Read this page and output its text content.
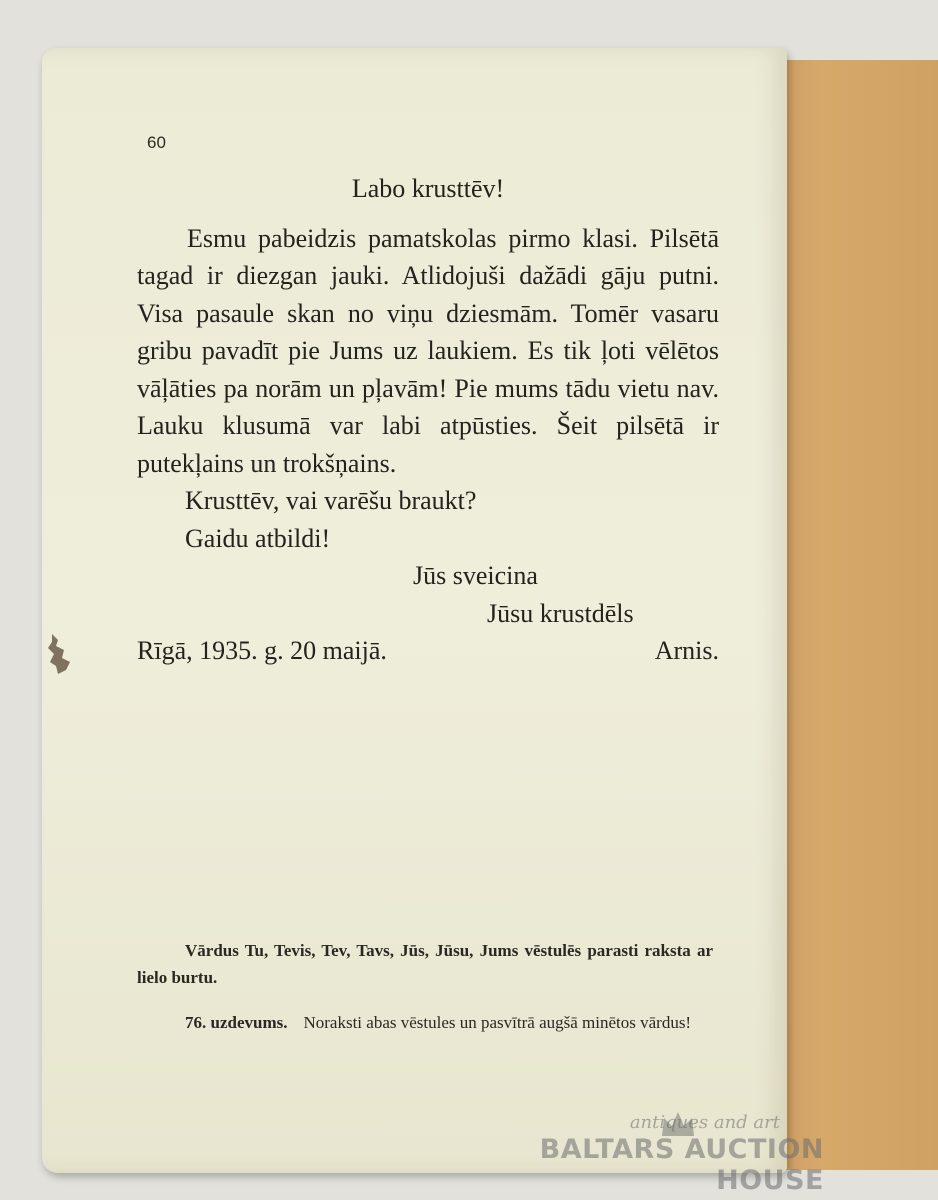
60
Labo krusttēv!

Esmu pabeidzis pamatskolas pirmo klasi. Pilsētā tagad ir diezgan jauki. Atlidojuši dažādi gāju putni. Visa pasaule skan no viņu dziesmām. Tomēr vasaru gribu pavadīt pie Jums uz laukiem. Es tik ļoti vēlētos vāļāties pa norām un pļavām! Pie mums tādu vietu nav. Lauku klusumā var labi atpūsties. Šeit pilsētā ir putekļains un trokšņains.

Krusttēv, vai varēšu braukt?
Gaidu atbildi!
Jūs sveicina
Jūsu krustdēls
Rīgā, 1935. g. 20 maijā.	Arnis.
Vārdus Tu, Tevis, Tev, Tavs, Jūs, Jūsu, Jums vēstulēs parasti raksta ar lielo burtu.
76. uzdevums. Noraksti abas vēstules un pasvītrā augšā minētos vārdus!
antiques and art
BALTARS AUCTION HOUSE
